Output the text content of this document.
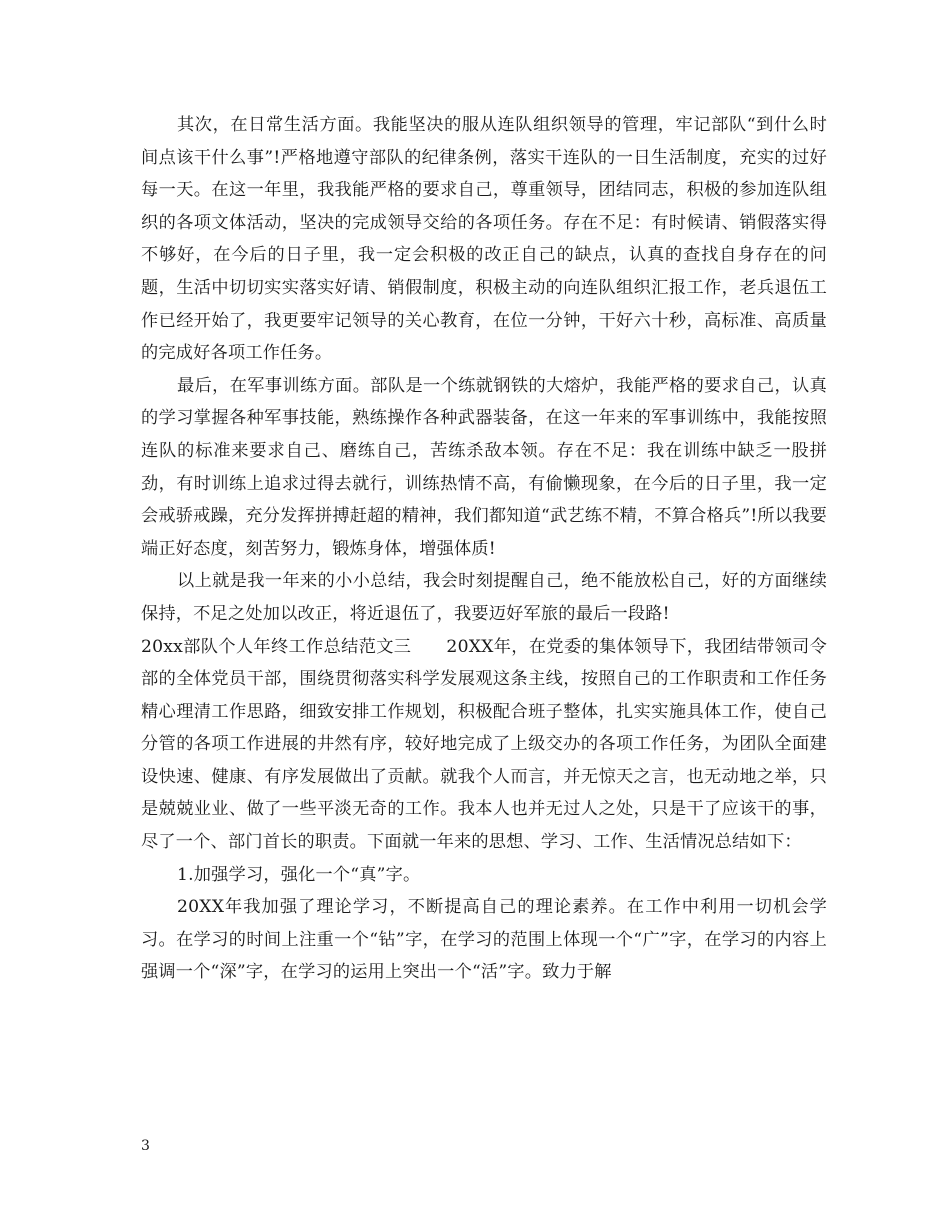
其次，在日常生活方面。我能坚决的服从连队组织领导的管理，牢记部队“到什么时间点该干什么事”!严格地遵守部队的纪律条例，落实干连队的一日生活制度，充实的过好每一天。在这一年里，我我能严格的要求自己，尊重领导，团结同志，积极的参加连队组织的各项文体活动，坚决的完成领导交给的各项任务。存在不足：有时候请、销假落实得不够好，在今后的日子里，我一定会积极的改正自己的缺点，认真的查找自身存在的问题，生活中切切实实落实好请、销假制度，积极主动的向连队组织汇报工作，老兵退伍工作已经开始了，我更要牢记领导的关心教育，在位一分钟，干好六十秒，高标准、高质量的完成好各项工作任务。

最后，在军事训练方面。部队是一个练就钢铁的大熔炉，我能严格的要求自己，认真的学习掌握各种军事技能，熟练操作各种武器装备，在这一年来的军事训练中，我能按照连队的标准来要求自己、磨练自己，苦练杀敌本领。存在不足：我在训练中缺乏一股拼劲，有时训练上追求过得去就行，训练热情不高，有偷懒现象，在今后的日子里，我一定会戒骄戒躁，充分发挥拼搏赶超的精神，我们都知道“武艺练不精，不算合格兵”!所以我要端正好态度，刻苦努力，锻炼身体，增强体质!

以上就是我一年来的小小总结，我会时刻提醒自己，绝不能放松自己，好的方面继续保持，不足之处加以改正，将近退伍了，我要迈好军旅的最后一段路!

20xx部队个人年终工作总结范文三　　20XX年，在党委的集体领导下，我团结带领司令部的全体党员干部，围绕贯彻落实科学发展观这条主线，按照自己的工作职责和工作任务精心理清工作思路，细致安排工作规划，积极配合班子整体，扎实实施具体工作，使自己分管的各项工作进展的井然有序，较好地完成了上级交办的各项工作任务，为团队全面建设快速、健康、有序发展做出了贡献。就我个人而言，并无惊天之言，也无动地之举，只是兢兢业业、做了一些平淡无奇的工作。我本人也并无过人之处，只是干了应该干的事，尽了一个、部门首长的职责。下面就一年来的思想、学习、工作、生活情况总结如下：

1.加强学习，强化一个“真”字。

20XX年我加强了理论学习，不断提高自己的理论素养。在工作中利用一切机会学习。在学习的时间上注重一个“钻”字，在学习的范围上体现一个“广”字，在学习的内容上强调一个“深”字，在学习的运用上突出一个“活”字。致力于解

3
